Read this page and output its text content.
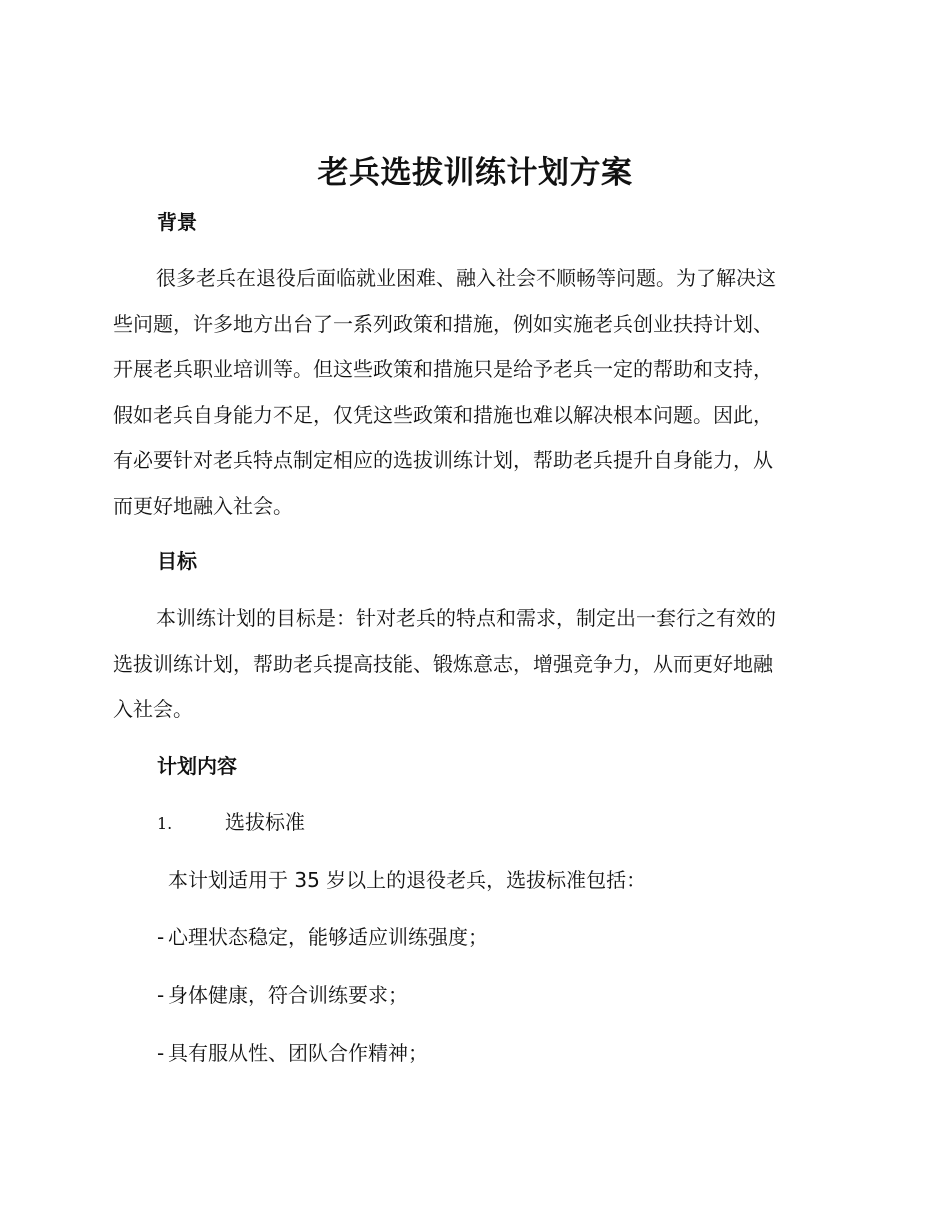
老兵选拔训练计划方案
背景
很多老兵在退役后面临就业困难、融入社会不顺畅等问题。为了解决这
些问题，许多地方出台了一系列政策和措施，例如实施老兵创业扶持计划、
开展老兵职业培训等。但这些政策和措施只是给予老兵一定的帮助和支持，
假如老兵自身能力不足，仅凭这些政策和措施也难以解决根本问题。因此，
有必要针对老兵特点制定相应的选拔训练计划，帮助老兵提升自身能力，从
而更好地融入社会。
目标
本训练计划的目标是：针对老兵的特点和需求，制定出一套行之有效的
选拔训练计划，帮助老兵提高技能、锻炼意志，增强竞争力，从而更好地融
入社会。
计划内容
1.	选拔标准
本计划适用于 35 岁以上的退役老兵，选拔标准包括：
- 心理状态稳定，能够适应训练强度；
- 身体健康，符合训练要求；
- 具有服从性、团队合作精神；
